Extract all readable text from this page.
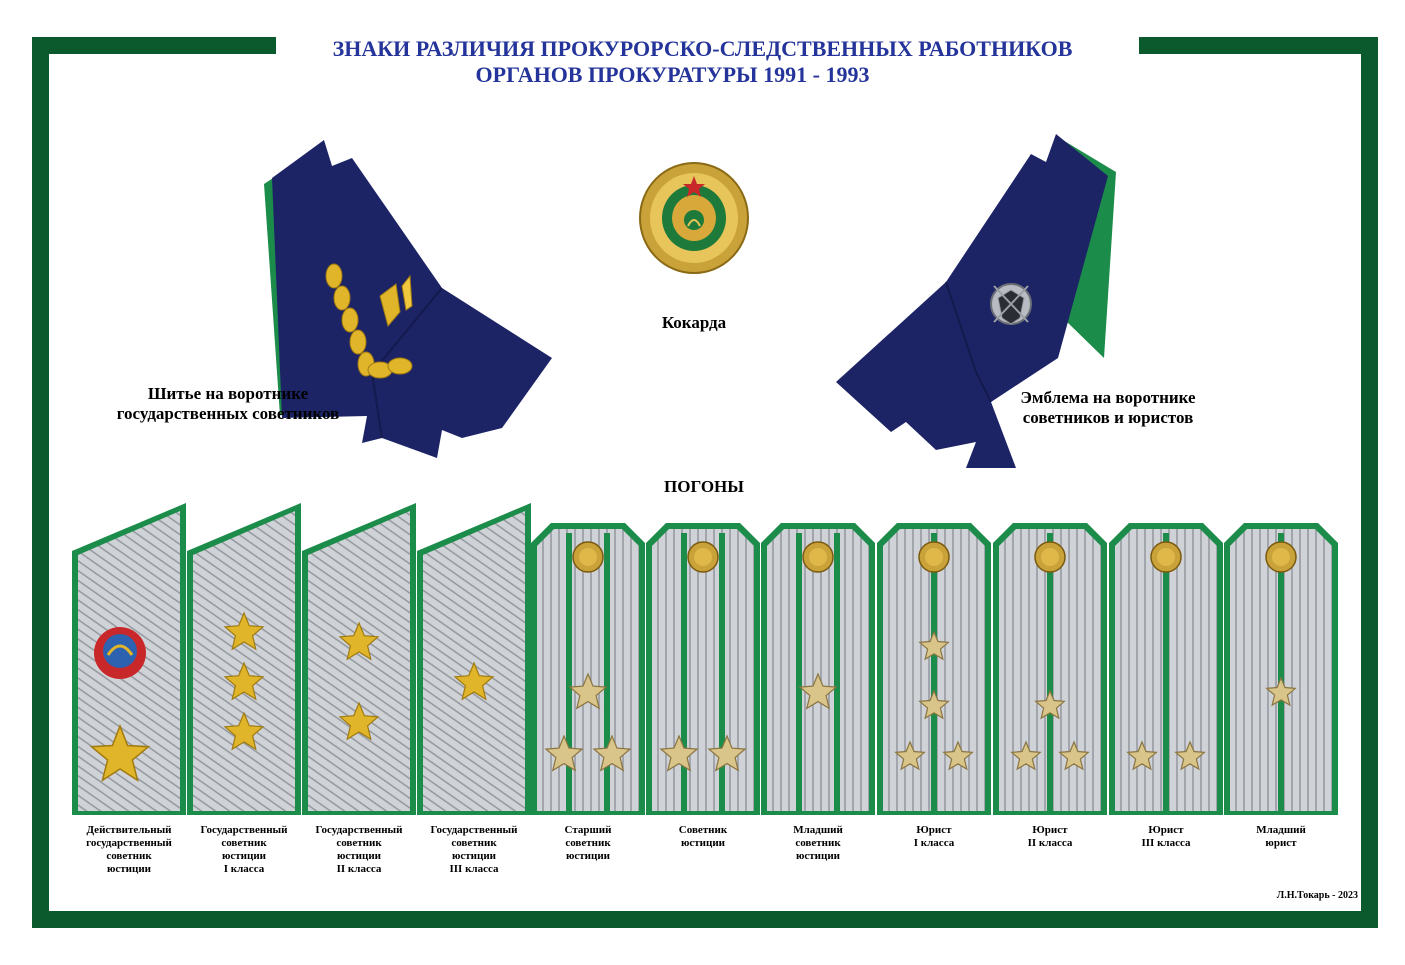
ЗНАКИ РАЗЛИЧИЯ ПРОКУРОРСКО-СЛЕДСТВЕННЫХ РАБОТНИКОВ
ОРГАНОВ ПРОКУРАТУРЫ 1991 - 1993
Шитье на воротнике
государственных советников
Кокарда
Эмблема на воротнике
советников и юристов
ПОГОНЫ
Действительный
государственный
советник
юстиции
Государственный
советник
юстиции
I класса
Государственный
советник
юстиции
II класса
Государственный
советник
юстиции
III класса
Старший
советник
юстиции
Советник
юстиции
Младший
советник
юстиции
Юрист
I класса
Юрист
II класса
Юрист
III класса
Младший
юрист
Л.Н.Токарь - 2023
